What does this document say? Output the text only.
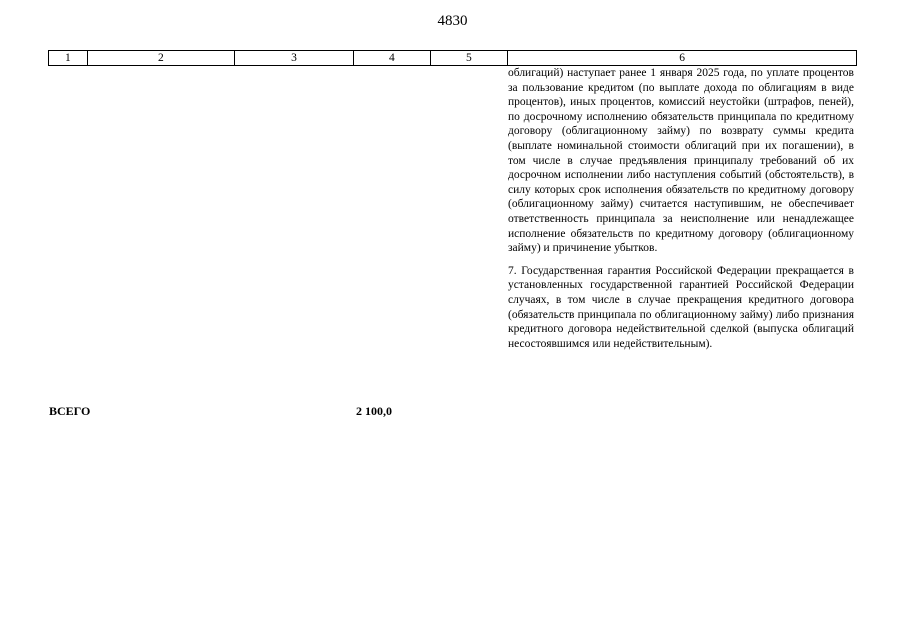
4830
1	2	3	4	5	6

облигаций) наступает ранее 1 января 2025 года, по уплате процентов за пользование кредитом (по выплате дохода по облигациям в виде процентов), иных процентов, комиссий неустойки (штрафов, пеней), по досрочному исполнению обязательств принципала по кредитному договору (облигационному займу) по возврату суммы кредита (выплате номинальной стоимости облигаций при их погашении), в том числе в случае предъявления принципалу требований об их досрочном исполнении либо наступления событий (обстоятельств), в силу которых срок исполнения обязательств по кредитному договору (облигационному займу) считается наступившим, не обеспечивает ответственность принципала за неисполнение или ненадлежащее исполнение обязательств по кредитному договору (облигационному займу) и причинение убытков.

7. Государственная гарантия Российской Федерации прекращается в установленных государственной гарантией Российской Федерации случаях, в том числе в случае прекращения кредитного договора (обязательств принципала по облигационному займу) либо признания кредитного договора недействительной сделкой (выпуска облигаций несостоявшимся или недействительным).

ВСЕГО	2 100,0
